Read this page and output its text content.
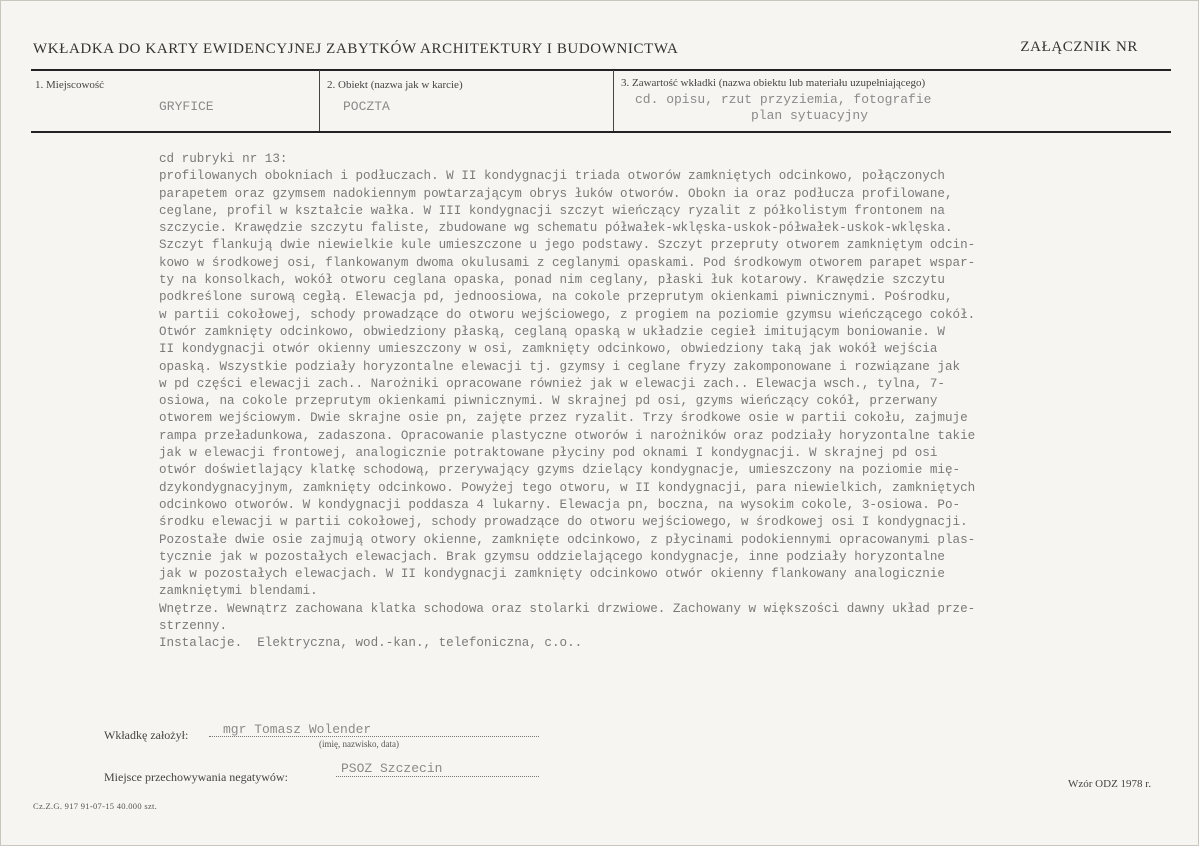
WKŁADKA DO KARTY EWIDENCYJNEJ ZABYTKÓW ARCHITEKTURY I BUDOWNICTWA	ZAŁĄCZNIK NR
1. Miejscowość
GRYFICE
2. Obiekt (nazwa jak w karcie)
POCZTA
3. Zawartość wkładki (nazwa obiektu lub materiału uzupełniającego)
cd. opisu, rzut przyziemia, fotografie
plan sytuacyjny
cd rubryki nr 13:
profilowanych obokniach i podłuczach. W II kondygnacji triada otworów zamkniętych odcinkowo, połączonych
parapetem oraz gzymsem nadokiennym powtarzającym obrys łuków otworów. Obokn ia oraz podłucza profilowane,
ceglane, profil w kształcie wałka. W III kondygnacji szczyt wieńczący ryzalit z półkolistym frontonem na
szczycie. Krawędzie szczytu faliste, zbudowane wg schematu półwałek-wklęska-uskok-półwałek-uskok-wklęska.
Szczyt flankują dwie niewielkie kule umieszczone u jego podstawy. Szczyt przepruty otworem zamkniętym odcin-
kowo w środkowej osi, flankowanym dwoma okulusami z ceglanymi opaskami. Pod środkowym otworem parapet wspar-
ty na konsolkach, wokół otworu ceglana opaska, ponad nim ceglany, płaski łuk kotarowy. Krawędzie szczytu
podkreślone surową cegłą. Elewacja pd, jednoosiowa, na cokole przeprutym okienkami piwnicznymi. Pośrodku,
w partii cokołowej, schody prowadzące do otworu wejściowego, z progiem na poziomie gzymsu wieńczącego cokół.
Otwór zamknięty odcinkowo, obwiedziony płaską, ceglaną opaską w układzie cegieł imitującym boniowanie. W
II kondygnacji otwór okienny umieszczony w osi, zamknięty odcinkowo, obwiedziony taką jak wokół wejścia
opaską. Wszystkie podziały horyzontalne elewacji tj. gzymsy i ceglane fryzy zakomponowane i rozwiązane jak
w pd części elewacji zach.. Narożniki opracowane również jak w elewacji zach.. Elewacja wsch., tylna, 7-
osiowa, na cokole przeprutym okienkami piwnicznymi. W skrajnej pd osi, gzyms wieńczący cokół, przerwany
otworem wejściowym. Dwie skrajne osie pn, zajęte przez ryzalit. Trzy środkowe osie w partii cokołu, zajmuje
rampa przeładunkowa, zadaszona. Opracowanie plastyczne otworów i narożników oraz podziały horyzontalne takie
jak w elewacji frontowej, analogicznie potraktowane płyciny pod oknami I kondygnacji. W skrajnej pd osi
otwór doświetlający klatkę schodową, przerywający gzyms dzielący kondygnacje, umieszczony na poziomie mię-
dzykondygnacyjnym, zamknięty odcinkowo. Powyżej tego otworu, w II kondygnacji, para niewielkich, zamkniętych
odcinkowo otworów. W kondygnacji poddasza 4 lukarny. Elewacja pn, boczna, na wysokim cokole, 3-osiowa. Po-
środku elewacji w partii cokołowej, schody prowadzące do otworu wejściowego, w środkowej osi I kondygnacji.
Pozostałe dwie osie zajmują otwory okienne, zamknięte odcinkowo, z płycinami podokiennymi opracowanymi plas-
tycznie jak w pozostałych elewacjach. Brak gzymsu oddzielającego kondygnacje, inne podziały horyzontalne
jak w pozostałych elewacjach. W II kondygnacji zamknięty odcinkowo otwór okienny flankowany analogicznie
zamkniętymi blendami.
Wnętrze. Wewnątrz zachowana klatka schodowa oraz stolarki drzwiowe. Zachowany w większości dawny układ prze-
strzenny.
Instalacje.  Elektryczna, wod.-kan., telefoniczna, c.o..
Wkładkę założył:	mgr Tomasz Wolender
(imię, nazwisko, data)
Miejsce przechowywania negatywów:
PSOZ Szczecin
Wzór ODZ 1978 r.
Cz.Z.G. 917 91-07-15 40.000 szt.
